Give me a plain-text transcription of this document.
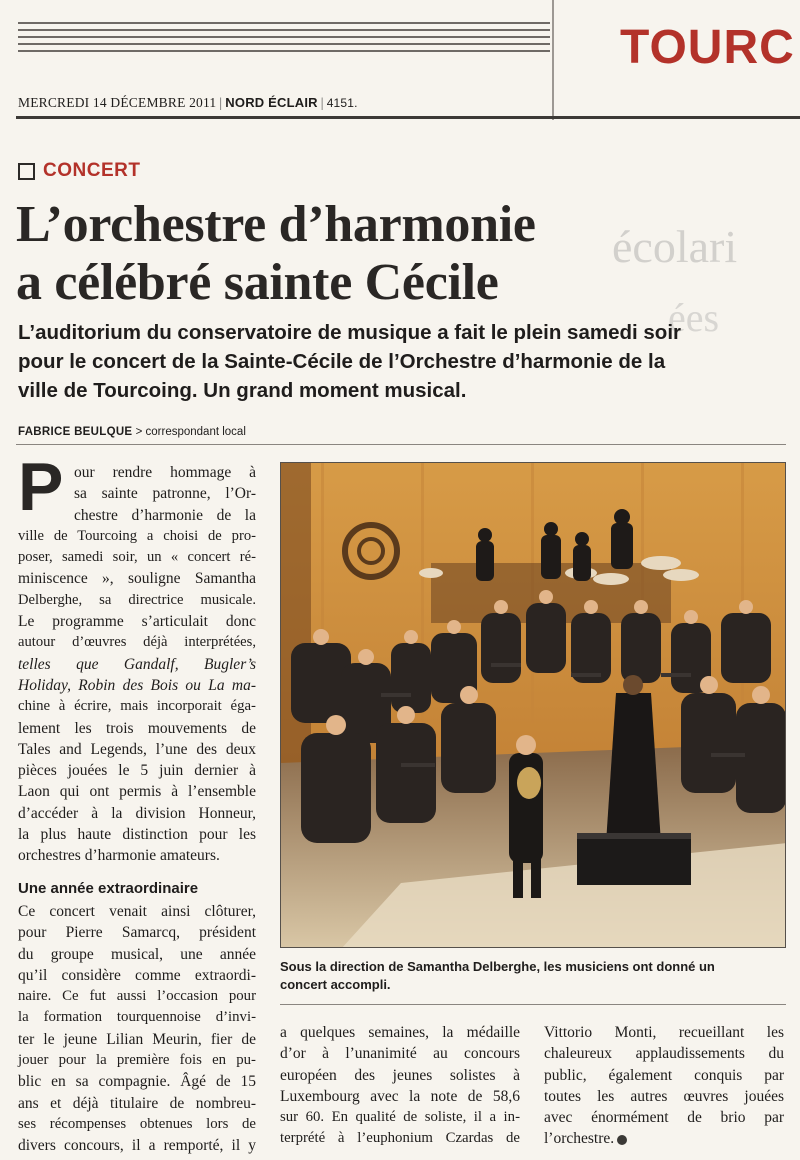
TOURC
MERCREDI 14 DÉCEMBRE 2011 | NORD ÉCLAIR | 4151.
écolari
ées
CONCERT
L’orchestre d’harmonie
a célébré sainte Cécile
L’auditorium du conservatoire de musique a fait le plein samedi soir
pour le concert de la Sainte-Cécile de l’Orchestre d’harmonie de la
ville de Tourcoing. Un grand moment musical.
FABRICE BEULQUE > correspondant local
P our rendre hommage à
sa sainte patronne, l’Or-
chestre d’harmonie de la
ville de Tourcoing a choisi de pro-
poser, samedi soir, un « concert ré-
miniscence », souligne Samantha
Delberghe, sa directrice musicale.
Le programme s’articulait donc
autour d’œuvres déjà interprétées,
telles que Gandalf, Bugler’s
Holiday, Robin des Bois ou La ma-
chine à écrire, mais incorporait éga-
lement les trois mouvements de
Tales and Legends, l’une des deux
pièces jouées le 5 juin dernier à
Laon qui ont permis à l’ensemble
d’accéder à la division Honneur,
la plus haute distinction pour les
orchestres d’harmonie amateurs.
Une année extraordinaire
Ce concert venait ainsi clôturer,
pour Pierre Samarcq, président
du groupe musical, une année
qu’il considère comme extraordi-
naire. Ce fut aussi l’occasion pour
la formation tourquennoise d’invi-
ter le jeune Lilian Meurin, fier de
jouer pour la première fois en pu-
blic en sa compagnie. Âgé de 15
ans et déjà titulaire de nombreu-
ses récompenses obtenues lors de
divers concours, il a remporté, il y
Sous la direction de Samantha Delberghe, les musiciens ont donné un
concert accompli.
a quelques semaines, la médaille
d’or à l’unanimité au concours
européen des jeunes solistes à
Luxembourg avec la note de 58,6
sur 60. En qualité de soliste, il a in-
terprété à l’euphonium Czardas de
Vittorio Monti, recueillant les
chaleureux applaudissements du
public, également conquis par
toutes les autres œuvres jouées
avec énormément de brio par
l’orchestre.
